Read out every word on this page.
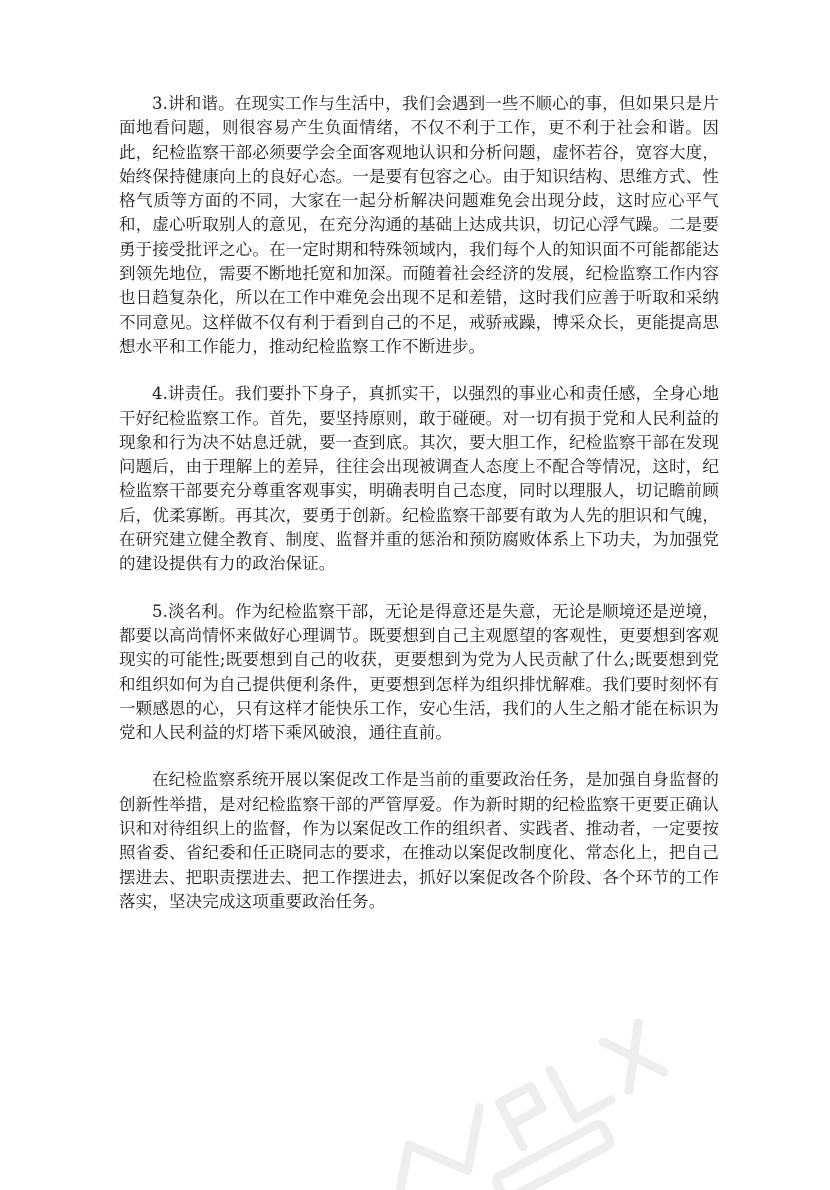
3.讲和谐。在现实工作与生活中，我们会遇到一些不顺心的事，但如果只是片面地看问题，则很容易产生负面情绪，不仅不利于工作，更不利于社会和谐。因此，纪检监察干部必须要学会全面客观地认识和分析问题，虚怀若谷，宽容大度，始终保持健康向上的良好心态。一是要有包容之心。由于知识结构、思维方式、性格气质等方面的不同，大家在一起分析解决问题难免会出现分歧，这时应心平气和，虚心听取别人的意见，在充分沟通的基础上达成共识，切记心浮气躁。二是要勇于接受批评之心。在一定时期和特殊领域内，我们每个人的知识面不可能都能达到领先地位，需要不断地托宽和加深。而随着社会经济的发展，纪检监察工作内容也日趋复杂化，所以在工作中难免会出现不足和差错，这时我们应善于听取和采纳不同意见。这样做不仅有利于看到自己的不足，戒骄戒躁，博采众长，更能提高思想水平和工作能力，推动纪检监察工作不断进步。

4.讲责任。我们要扑下身子，真抓实干，以强烈的事业心和责任感，全身心地干好纪检监察工作。首先，要坚持原则，敢于碰硬。对一切有损于党和人民利益的现象和行为决不姑息迁就，要一查到底。其次，要大胆工作，纪检监察干部在发现问题后，由于理解上的差异，往往会出现被调查人态度上不配合等情况，这时，纪检监察干部要充分尊重客观事实，明确表明自己态度，同时以理服人，切记瞻前顾后，优柔寡断。再其次，要勇于创新。纪检监察干部要有敢为人先的胆识和气魄，在研究建立健全教育、制度、监督并重的惩治和预防腐败体系上下功夫，为加强党的建设提供有力的政治保证。

5.淡名利。作为纪检监察干部，无论是得意还是失意，无论是顺境还是逆境，都要以高尚情怀来做好心理调节。既要想到自己主观愿望的客观性，更要想到客观现实的可能性;既要想到自己的收获，更要想到为党为人民贡献了什么;既要想到党和组织如何为自己提供便利条件，更要想到怎样为组织排忧解难。我们要时刻怀有一颗感恩的心，只有这样才能快乐工作，安心生活，我们的人生之船才能在标识为党和人民利益的灯塔下乘风破浪，通往直前。

在纪检监察系统开展以案促改工作是当前的重要政治任务，是加强自身监督的创新性举措，是对纪检监察干部的严管厚爱。作为新时期的纪检监察干更要正确认识和对待组织上的监督，作为以案促改工作的组织者、实践者、推动者，一定要按照省委、省纪委和任正晓同志的要求，在推动以案促改制度化、常态化上，把自己摆进去、把职责摆进去、把工作摆进去，抓好以案促改各个阶段、各个环节的工作落实，坚决完成这项重要政治任务。
